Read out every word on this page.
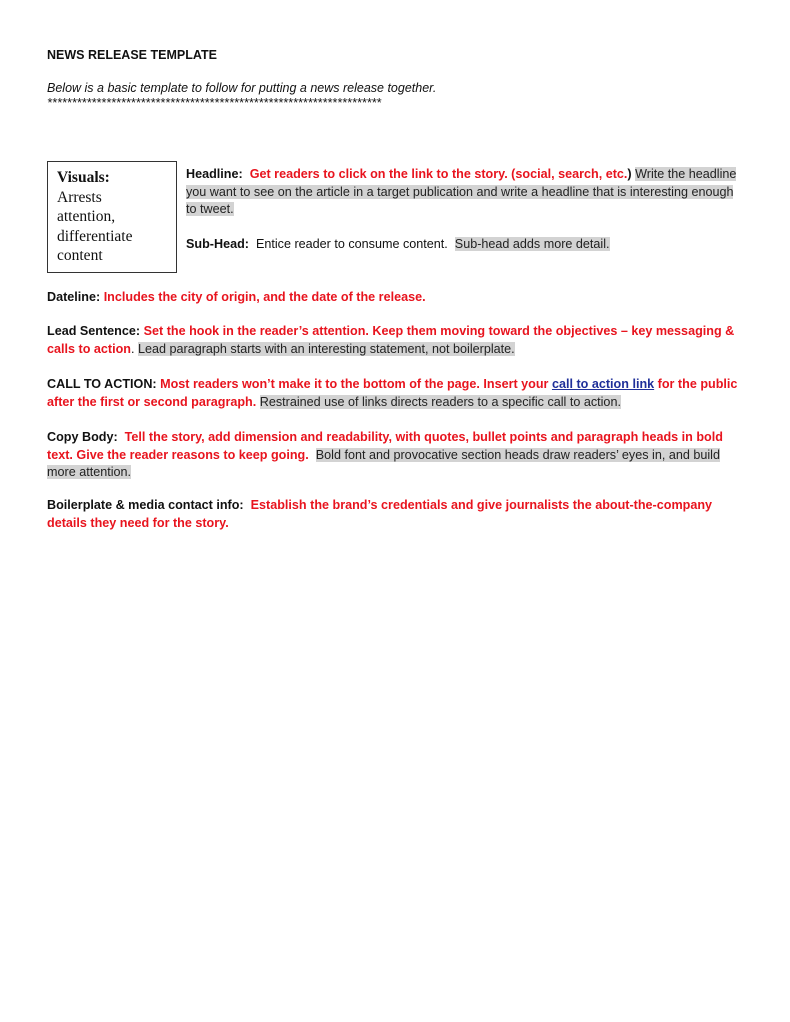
NEWS RELEASE TEMPLATE
Below is a basic template to follow for putting a news release together.
********************************************************************
Visuals:
Arrests
attention,
differentiate
content
Headline: Get readers to click on the link to the story. (social, search, etc.) Write the headline you want to see on the article in a target publication and write a headline that is interesting enough to tweet.
Sub-Head: Entice reader to consume content. Sub-head adds more detail.
Dateline: Includes the city of origin, and the date of the release.
Lead Sentence: Set the hook in the reader’s attention. Keep them moving toward the objectives – key messaging & calls to action. Lead paragraph starts with an interesting statement, not boilerplate.
CALL TO ACTION: Most readers won’t make it to the bottom of the page. Insert your call to action link for the public after the first or second paragraph. Restrained use of links directs readers to a specific call to action.
Copy Body: Tell the story, add dimension and readability, with quotes, bullet points and paragraph heads in bold text. Give the reader reasons to keep going. Bold font and provocative section heads draw readers’ eyes in, and build more attention.
Boilerplate & media contact info: Establish the brand’s credentials and give journalists the about-the-company details they need for the story.
